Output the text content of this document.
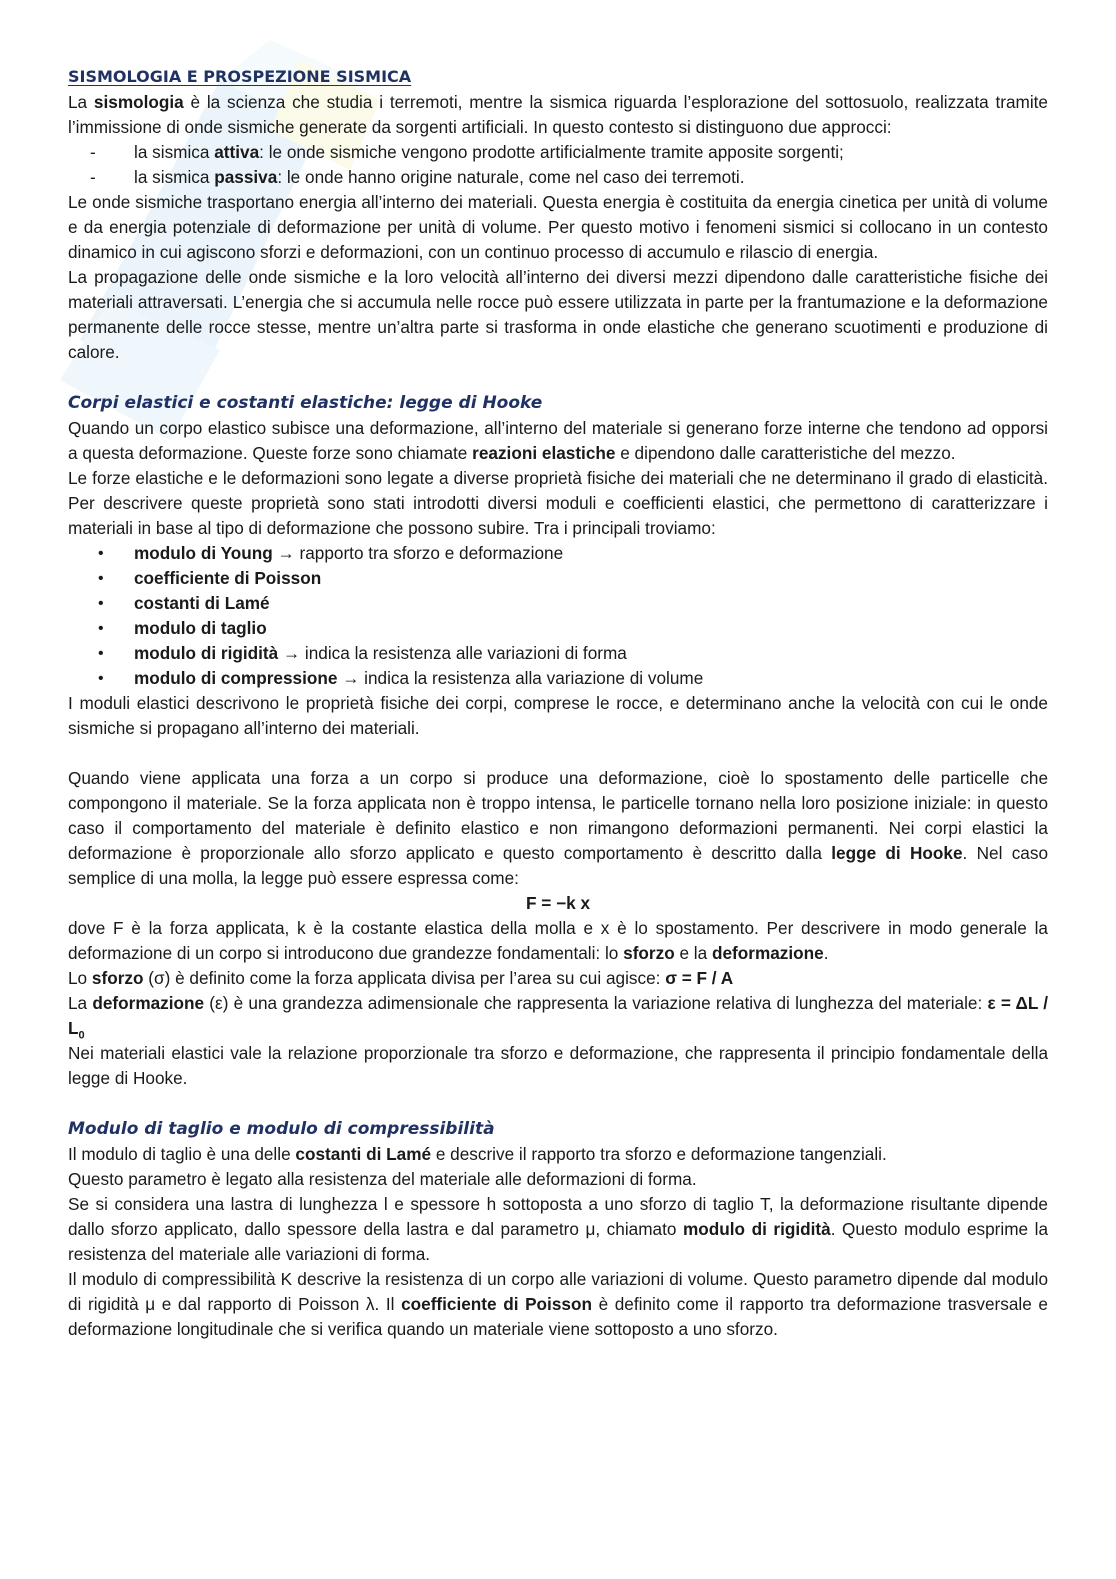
SISMOLOGIA E PROSPEZIONE SISMICA

La sismologia è la scienza che studia i terremoti, mentre la sismica riguarda l’esplorazione del sottosuolo, realizzata tramite l’immissione di onde sismiche generate da sorgenti artificiali. In questo contesto si distinguono due approcci:

- la sismica attiva: le onde sismiche vengono prodotte artificialmente tramite apposite sorgenti;
- la sismica passiva: le onde hanno origine naturale, come nel caso dei terremoti.

Le onde sismiche trasportano energia all’interno dei materiali. Questa energia è costituita da energia cinetica per unità di volume e da energia potenziale di deformazione per unità di volume. Per questo motivo i fenomeni sismici si collocano in un contesto dinamico in cui agiscono sforzi e deformazioni, con un continuo processo di accumulo e rilascio di energia.

La propagazione delle onde sismiche e la loro velocità all’interno dei diversi mezzi dipendono dalle caratteristiche fisiche dei materiali attraversati. L’energia che si accumula nelle rocce può essere utilizzata in parte per la frantumazione e la deformazione permanente delle rocce stesse, mentre un’altra parte si trasforma in onde elastiche che generano scuotimenti e produzione di calore.

Corpi elastici e costanti elastiche: legge di Hooke

Quando un corpo elastico subisce una deformazione, all’interno del materiale si generano forze interne che tendono ad opporsi a questa deformazione. Queste forze sono chiamate reazioni elastiche e dipendono dalle caratteristiche del mezzo.

Le forze elastiche e le deformazioni sono legate a diverse proprietà fisiche dei materiali che ne determinano il grado di elasticità. Per descrivere queste proprietà sono stati introdotti diversi moduli e coefficienti elastici, che permettono di caratterizzare i materiali in base al tipo di deformazione che possono subire. Tra i principali troviamo:

• modulo di Young → rapporto tra sforzo e deformazione
• coefficiente di Poisson
• costanti di Lamé
• modulo di taglio
• modulo di rigidità → indica la resistenza alle variazioni di forma
• modulo di compressione → indica la resistenza alla variazione di volume

I moduli elastici descrivono le proprietà fisiche dei corpi, comprese le rocce, e determinano anche la velocità con cui le onde sismiche si propagano all’interno dei materiali.

Quando viene applicata una forza a un corpo si produce una deformazione, cioè lo spostamento delle particelle che compongono il materiale. Se la forza applicata non è troppo intensa, le particelle tornano nella loro posizione iniziale: in questo caso il comportamento del materiale è definito elastico e non rimangono deformazioni permanenti. Nei corpi elastici la deformazione è proporzionale allo sforzo applicato e questo comportamento è descritto dalla legge di Hooke. Nel caso semplice di una molla, la legge può essere espressa come:

F = −k x

dove F è la forza applicata, k è la costante elastica della molla e x è lo spostamento. Per descrivere in modo generale la deformazione di un corpo si introducono due grandezze fondamentali: lo sforzo e la deformazione.

Lo sforzo (σ) è definito come la forza applicata divisa per l’area su cui agisce: σ = F / A

La deformazione (ε) è una grandezza adimensionale che rappresenta la variazione relativa di lunghezza del materiale: $\varepsilon = \Delta L / L_0$

Nei materiali elastici vale la relazione proporzionale tra sforzo e deformazione, che rappresenta il principio fondamentale della legge di Hooke.

Modulo di taglio e modulo di compressibilità

Il modulo di taglio è una delle costanti di Lamé e descrive il rapporto tra sforzo e deformazione tangenziali.

Questo parametro è legato alla resistenza del materiale alle deformazioni di forma.

Se si considera una lastra di lunghezza l e spessore h sottoposta a uno sforzo di taglio T, la deformazione risultante dipende dallo sforzo applicato, dallo spessore della lastra e dal parametro μ, chiamato modulo di rigidità. Questo modulo esprime la resistenza del materiale alle variazioni di forma.

Il modulo di compressibilità K descrive la resistenza di un corpo alle variazioni di volume. Questo parametro dipende dal modulo di rigidità μ e dal rapporto di Poisson λ. Il coefficiente di Poisson è definito come il rapporto tra deformazione trasversale e deformazione longitudinale che si verifica quando un materiale viene sottoposto a uno sforzo.
